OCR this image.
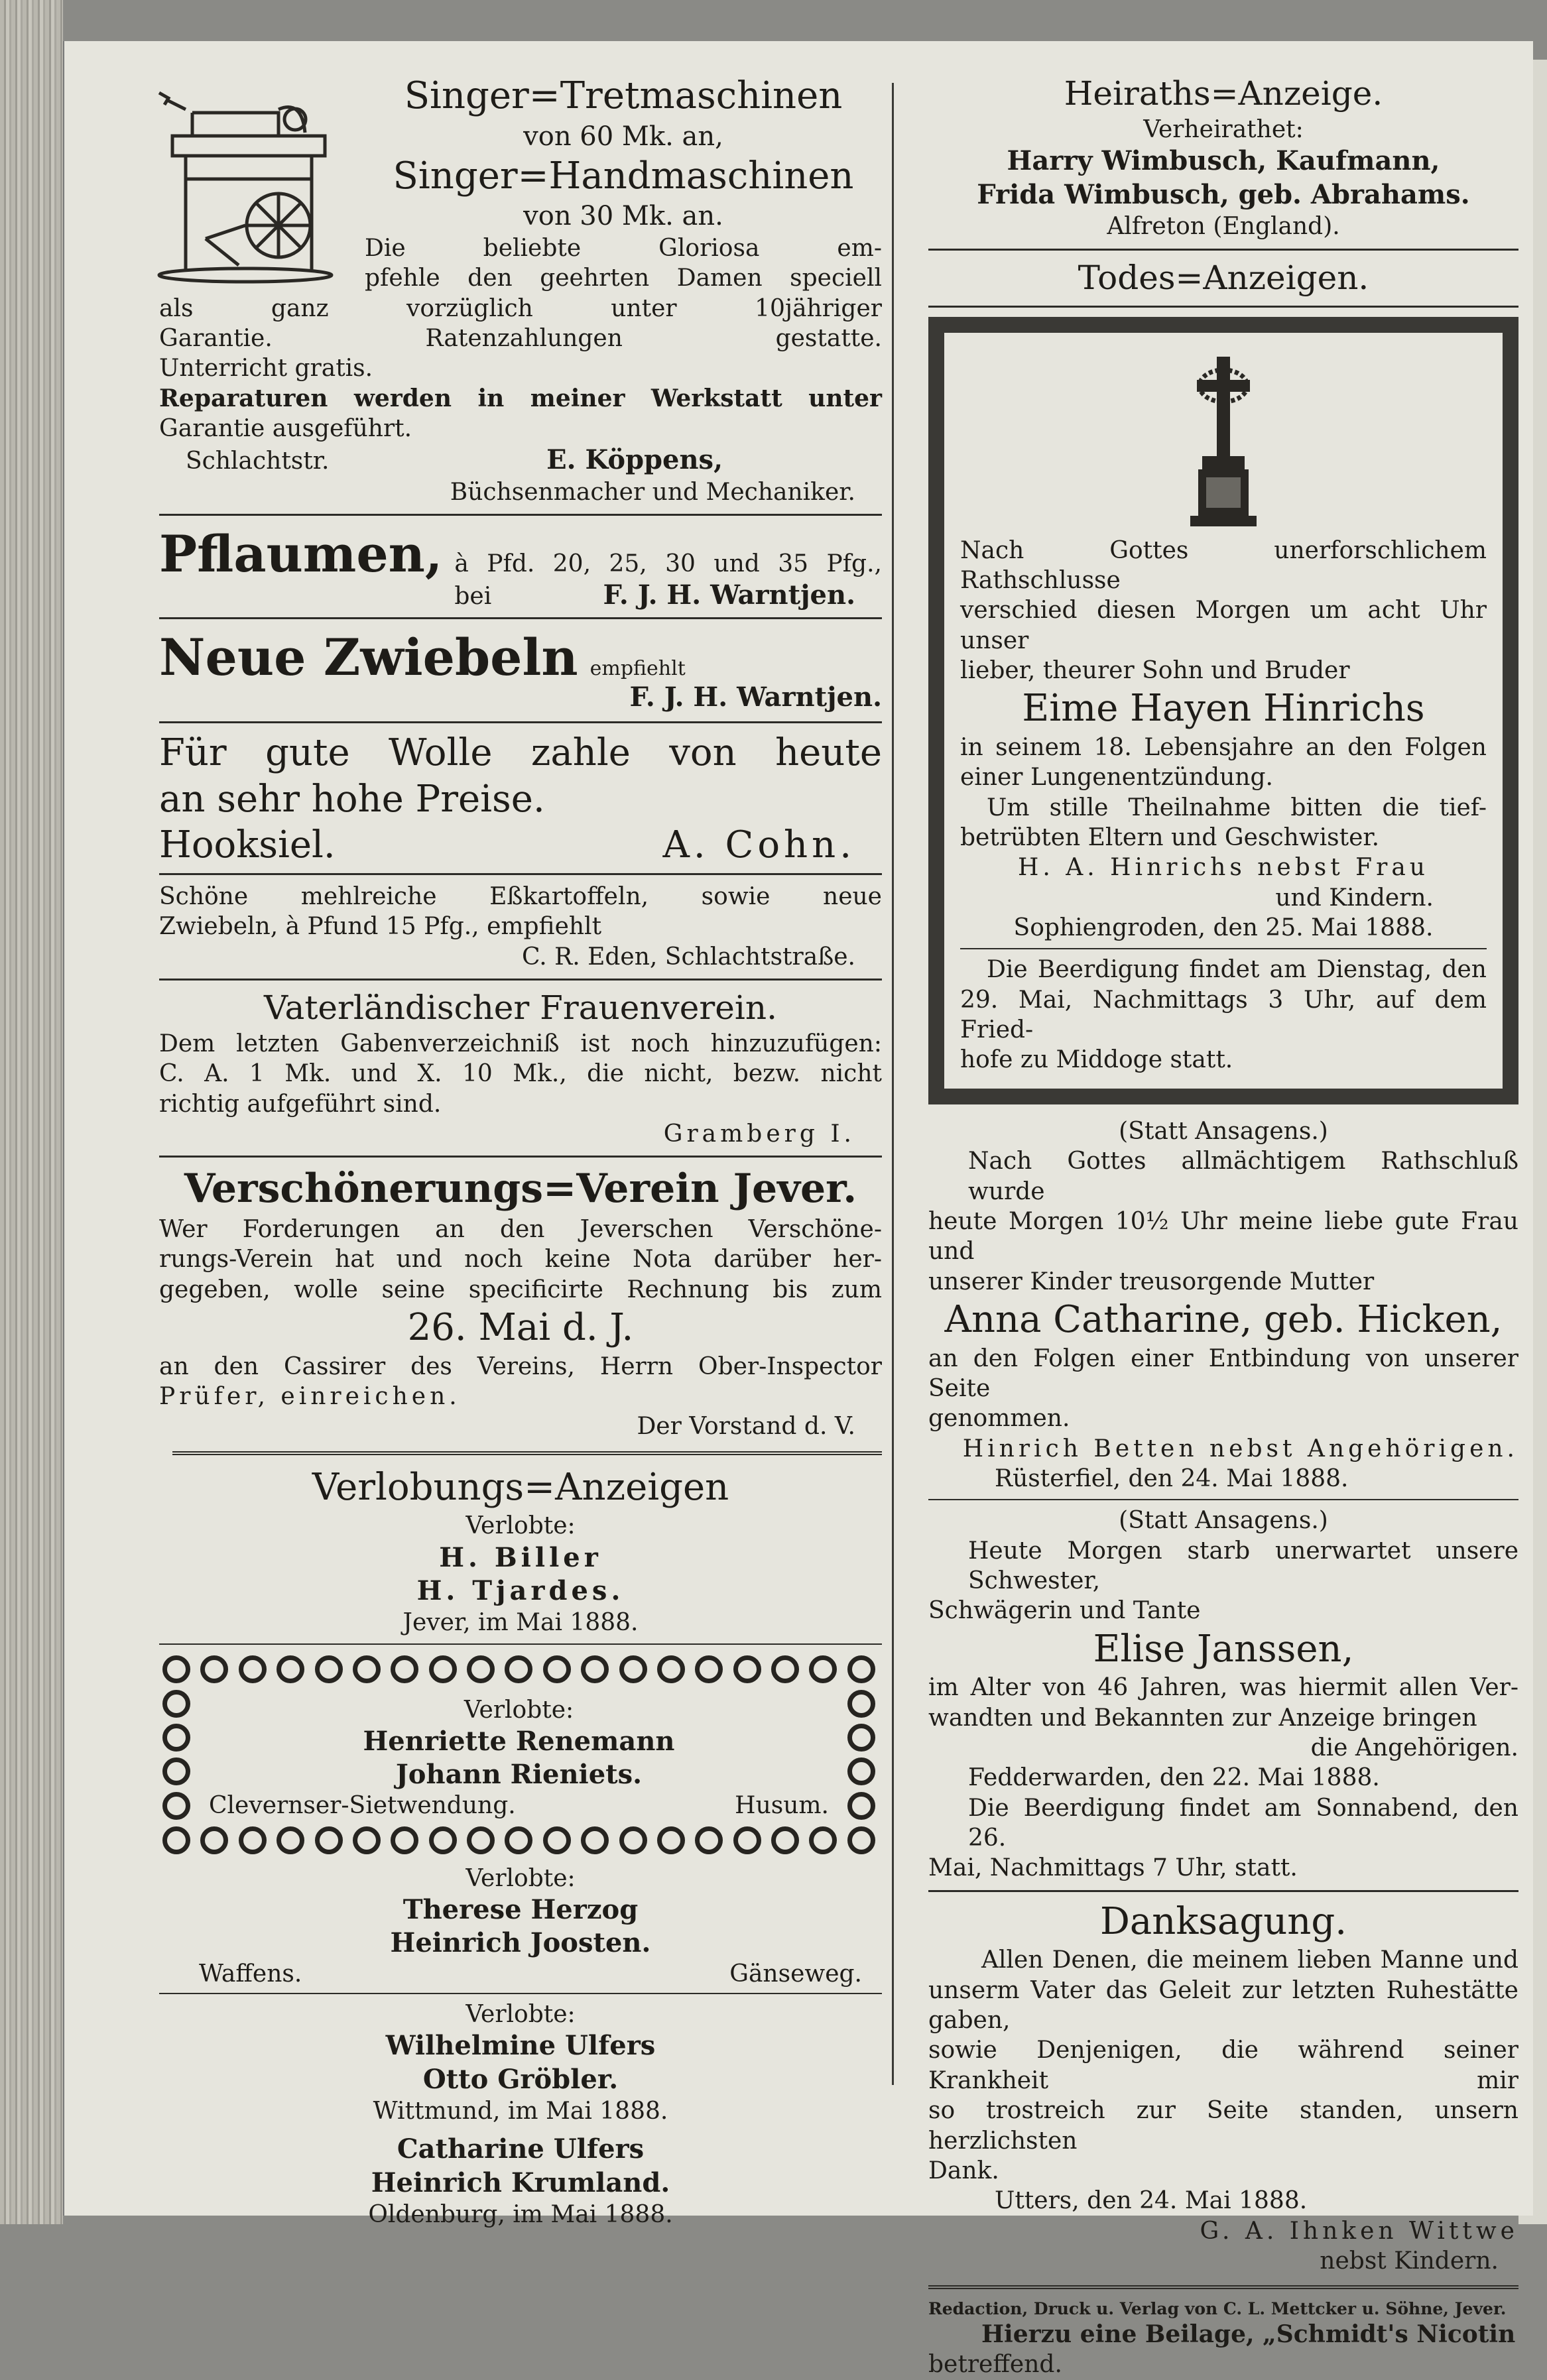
Singer=Tretmaschinen

von 60 Mk. an,

Singer=Handmaschinen

von 30 Mk. an.

Die beliebte Gloriosa em-

pfehle den geehrten Damen speciell

als ganz vorzüglich unter 10jähriger

Garantie. Ratenzahlungen gestatte.

Unterricht gratis.

Reparaturen werden in meiner Werkstatt unter

Garantie ausgeführt.

Schlachtstr.	E. Köppens,

Büchsenmacher und Mechaniker.

Pflaumen, à Pfd. 20, 25, 30 und 35 Pfg.,

bei	F. J. H. Warntjen.

Neue Zwiebeln empfiehlt

F. J. H. Warntjen.

Für gute Wolle zahle von heute

an sehr hohe Preise.

Hooksiel.	A. Cohn.

Schöne mehlreiche Eßkartoffeln, sowie neue

Zwiebeln, à Pfund 15 Pfg., empfiehlt

C. R. Eden, Schlachtstraße.

Vaterländischer Frauenverein.

Dem letzten Gabenverzeichniß ist noch hinzuzufügen:

C. A. 1 Mk. und X. 10 Mk., die nicht, bezw. nicht

richtig aufgeführt sind.

Gramberg I.

Verschönerungs=Verein Jever.

Wer Forderungen an den Jeverschen Verschöne-

rungs-Verein hat und noch keine Nota darüber her-

gegeben, wolle seine specificirte Rechnung bis zum

26. Mai d. J.

an den Cassirer des Vereins, Herrn Ober-Inspector

Prüfer, einreichen.

Der Vorstand d. V.

Verlobungs=Anzeigen

Verlobte:

H. Biller

H. Tjardes.

Jever, im Mai 1888.

Verlobte:

Henriette Renemann

Johann Rieniets.

Clevernser-Sietwendung.	Husum.

Verlobte:

Therese Herzog

Heinrich Joosten.

Waffens.	Gänseweg.

Verlobte:

Wilhelmine Ulfers

Otto Gröbler.

Wittmund, im Mai 1888.

Catharine Ulfers

Heinrich Krumland.

Oldenburg, im Mai 1888.

Heiraths=Anzeige.

Verheirathet:

Harry Wimbusch, Kaufmann,

Frida Wimbusch, geb. Abrahams.

Alfreton (England).

Todes=Anzeigen.

Nach Gottes unerforschlichem Rathschlusse

verschied diesen Morgen um acht Uhr unser

lieber, theurer Sohn und Bruder

Eime Hayen Hinrichs

in seinem 18. Lebensjahre an den Folgen

einer Lungenentzündung.

Um stille Theilnahme bitten die tief-

betrübten Eltern und Geschwister.

H. A. Hinrichs nebst Frau

und Kindern.

Sophiengroden, den 25. Mai 1888.

Die Beerdigung findet am Dienstag, den

29. Mai, Nachmittags 3 Uhr, auf dem Fried-

hofe zu Middoge statt.

(Statt Ansagens.)

Nach Gottes allmächtigem Rathschluß wurde

heute Morgen 10½ Uhr meine liebe gute Frau und

unserer Kinder treusorgende Mutter

Anna Catharine, geb. Hicken,

an den Folgen einer Entbindung von unserer Seite

genommen.

Hinrich Betten nebst Angehörigen.

Rüsterfiel, den 24. Mai 1888.

(Statt Ansagens.)

Heute Morgen starb unerwartet unsere Schwester,

Schwägerin und Tante

Elise Janssen,

im Alter von 46 Jahren, was hiermit allen Ver-

wandten und Bekannten zur Anzeige bringen

die Angehörigen.

Fedderwarden, den 22. Mai 1888.

Die Beerdigung findet am Sonnabend, den 26.

Mai, Nachmittags 7 Uhr, statt.

Danksagung.

Allen Denen, die meinem lieben Manne und

unserm Vater das Geleit zur letzten Ruhestätte gaben,

sowie Denjenigen, die während seiner Krankheit mir

so trostreich zur Seite standen, unsern herzlichsten

Dank.

Utters, den 24. Mai 1888.

G. A. Ihnken Wittwe

nebst Kindern.

Redaction, Druck u. Verlag von C. L. Mettcker u. Söhne, Jever.

Hierzu eine Beilage, „Schmidt's Nicotin

betreffend.
